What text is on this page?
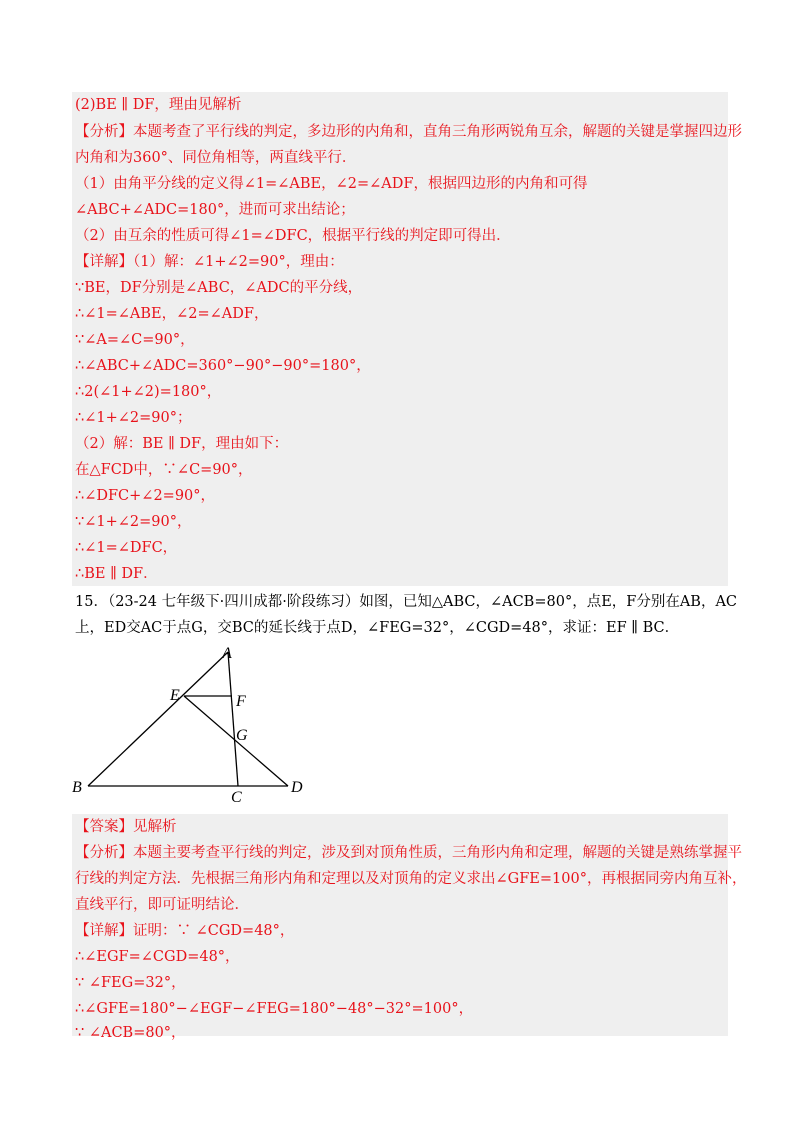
(2)BE ∥ DF，理由见解析
【分析】本题考查了平行线的判定，多边形的内角和，直角三角形两锐角互余，解题的关键是掌握四边形
内角和为360°、同位角相等，两直线平行．
（1）由角平分线的定义得∠1=∠ABE，∠2=∠ADF，根据四边形的内角和可得
∠ABC+∠ADC=180°，进而可求出结论；
（2）由互余的性质可得∠1=∠DFC，根据平行线的判定即可得出．
【详解】（1）解：∠1+∠2=90°，理由：
∵BE，DF分别是∠ABC，∠ADC的平分线，
∴∠1=∠ABE，∠2=∠ADF，
∵∠A=∠C=90°，
∴∠ABC+∠ADC=360°−90°−90°=180°，
∴2(∠1+∠2)=180°，
∴∠1+∠2=90°；
（2）解：BE ∥ DF，理由如下：
在△FCD中，∵∠C=90°，
∴∠DFC+∠2=90°，
∵∠1+∠2=90°，
∴∠1=∠DFC，
∴BE ∥ DF．
15．（23-24 七年级下·四川成都·阶段练习）如图，已知△ABC，∠ACB=80°，点E，F分别在AB，AC
上，ED交AC于点G，交BC的延长线于点D，∠FEG=32°，∠CGD=48°，求证：EF ∥ BC．
A
B
C
D
E	F
G
【答案】见解析
【分析】本题主要考查平行线的判定，涉及到对顶角性质，三角形内角和定理，解题的关键是熟练掌握平
行线的判定方法．先根据三角形内角和定理以及对顶角的定义求出∠GFE=100°，再根据同旁内角互补，
直线平行，即可证明结论．
【详解】证明：∵ ∠CGD=48°，
∴∠EGF=∠CGD=48°，
∵ ∠FEG=32°，
∴∠GFE=180°−∠EGF−∠FEG=180°−48°−32°=100°，
∵ ∠ACB=80°，
